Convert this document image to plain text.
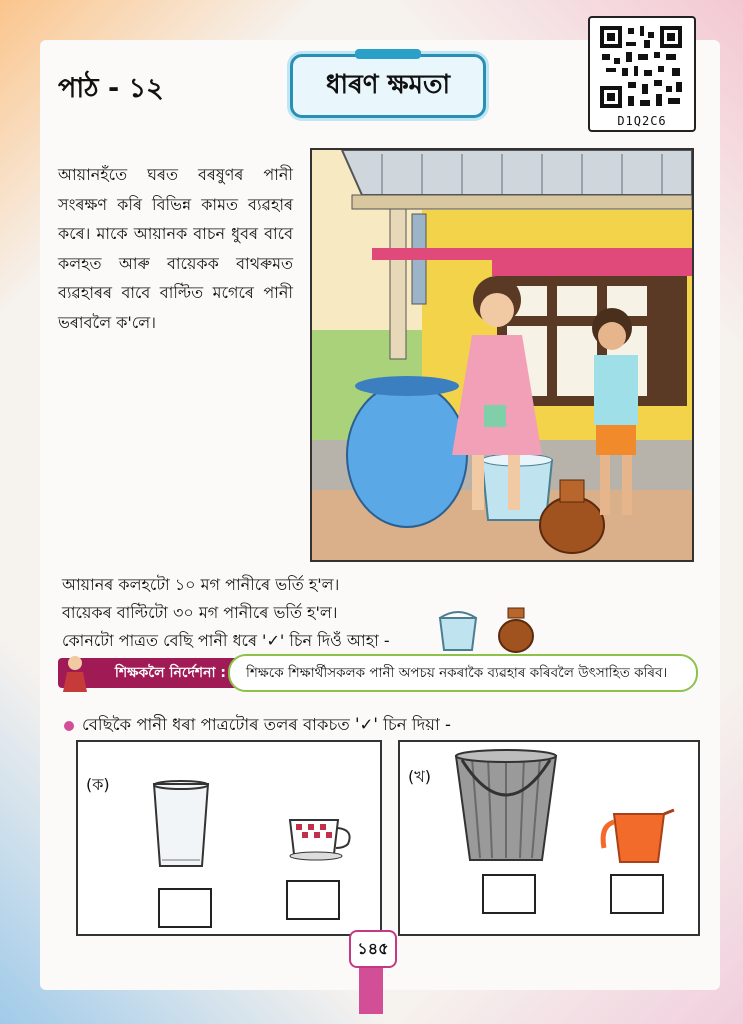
পাঠ - ১২	ধাৰণ ক্ষমতা
D1Q2C6
আয়ানহঁতে ঘৰত বৰষুণৰ পানী সংৰক্ষণ কৰি বিভিন্ন কামত ব্যৱহাৰ কৰে। মাকে আয়ানক বাচন ধুবৰ বাবে কলহত আৰু বায়েকক বাথৰুমত ব্যৱহাৰৰ বাবে বাল্টিত মগেৰে পানী ভৰাবলৈ ক'লে।
আয়ানৰ কলহটো ১০ মগ পানীৰে ভৰ্তি হ'ল।
বায়েকৰ বাল্টিটো ৩০ মগ পানীৰে ভৰ্তি হ'ল।
কোনটো পাত্ৰত বেছি পানী ধৰে '✓' চিন দিওঁ আহা -
শিক্ষকলৈ নিৰ্দেশনা :	শিক্ষকে শিক্ষাৰ্থীসকলক পানী অপচয় নকৰাকৈ ব্যৱহাৰ কৰিবলৈ উৎসাহিত কৰিব।
বেছিকৈ পানী ধৰা পাত্ৰটোৰ তলৰ বাকচত '✓' চিন দিয়া -
(ক)	(খ)
১৪৫
